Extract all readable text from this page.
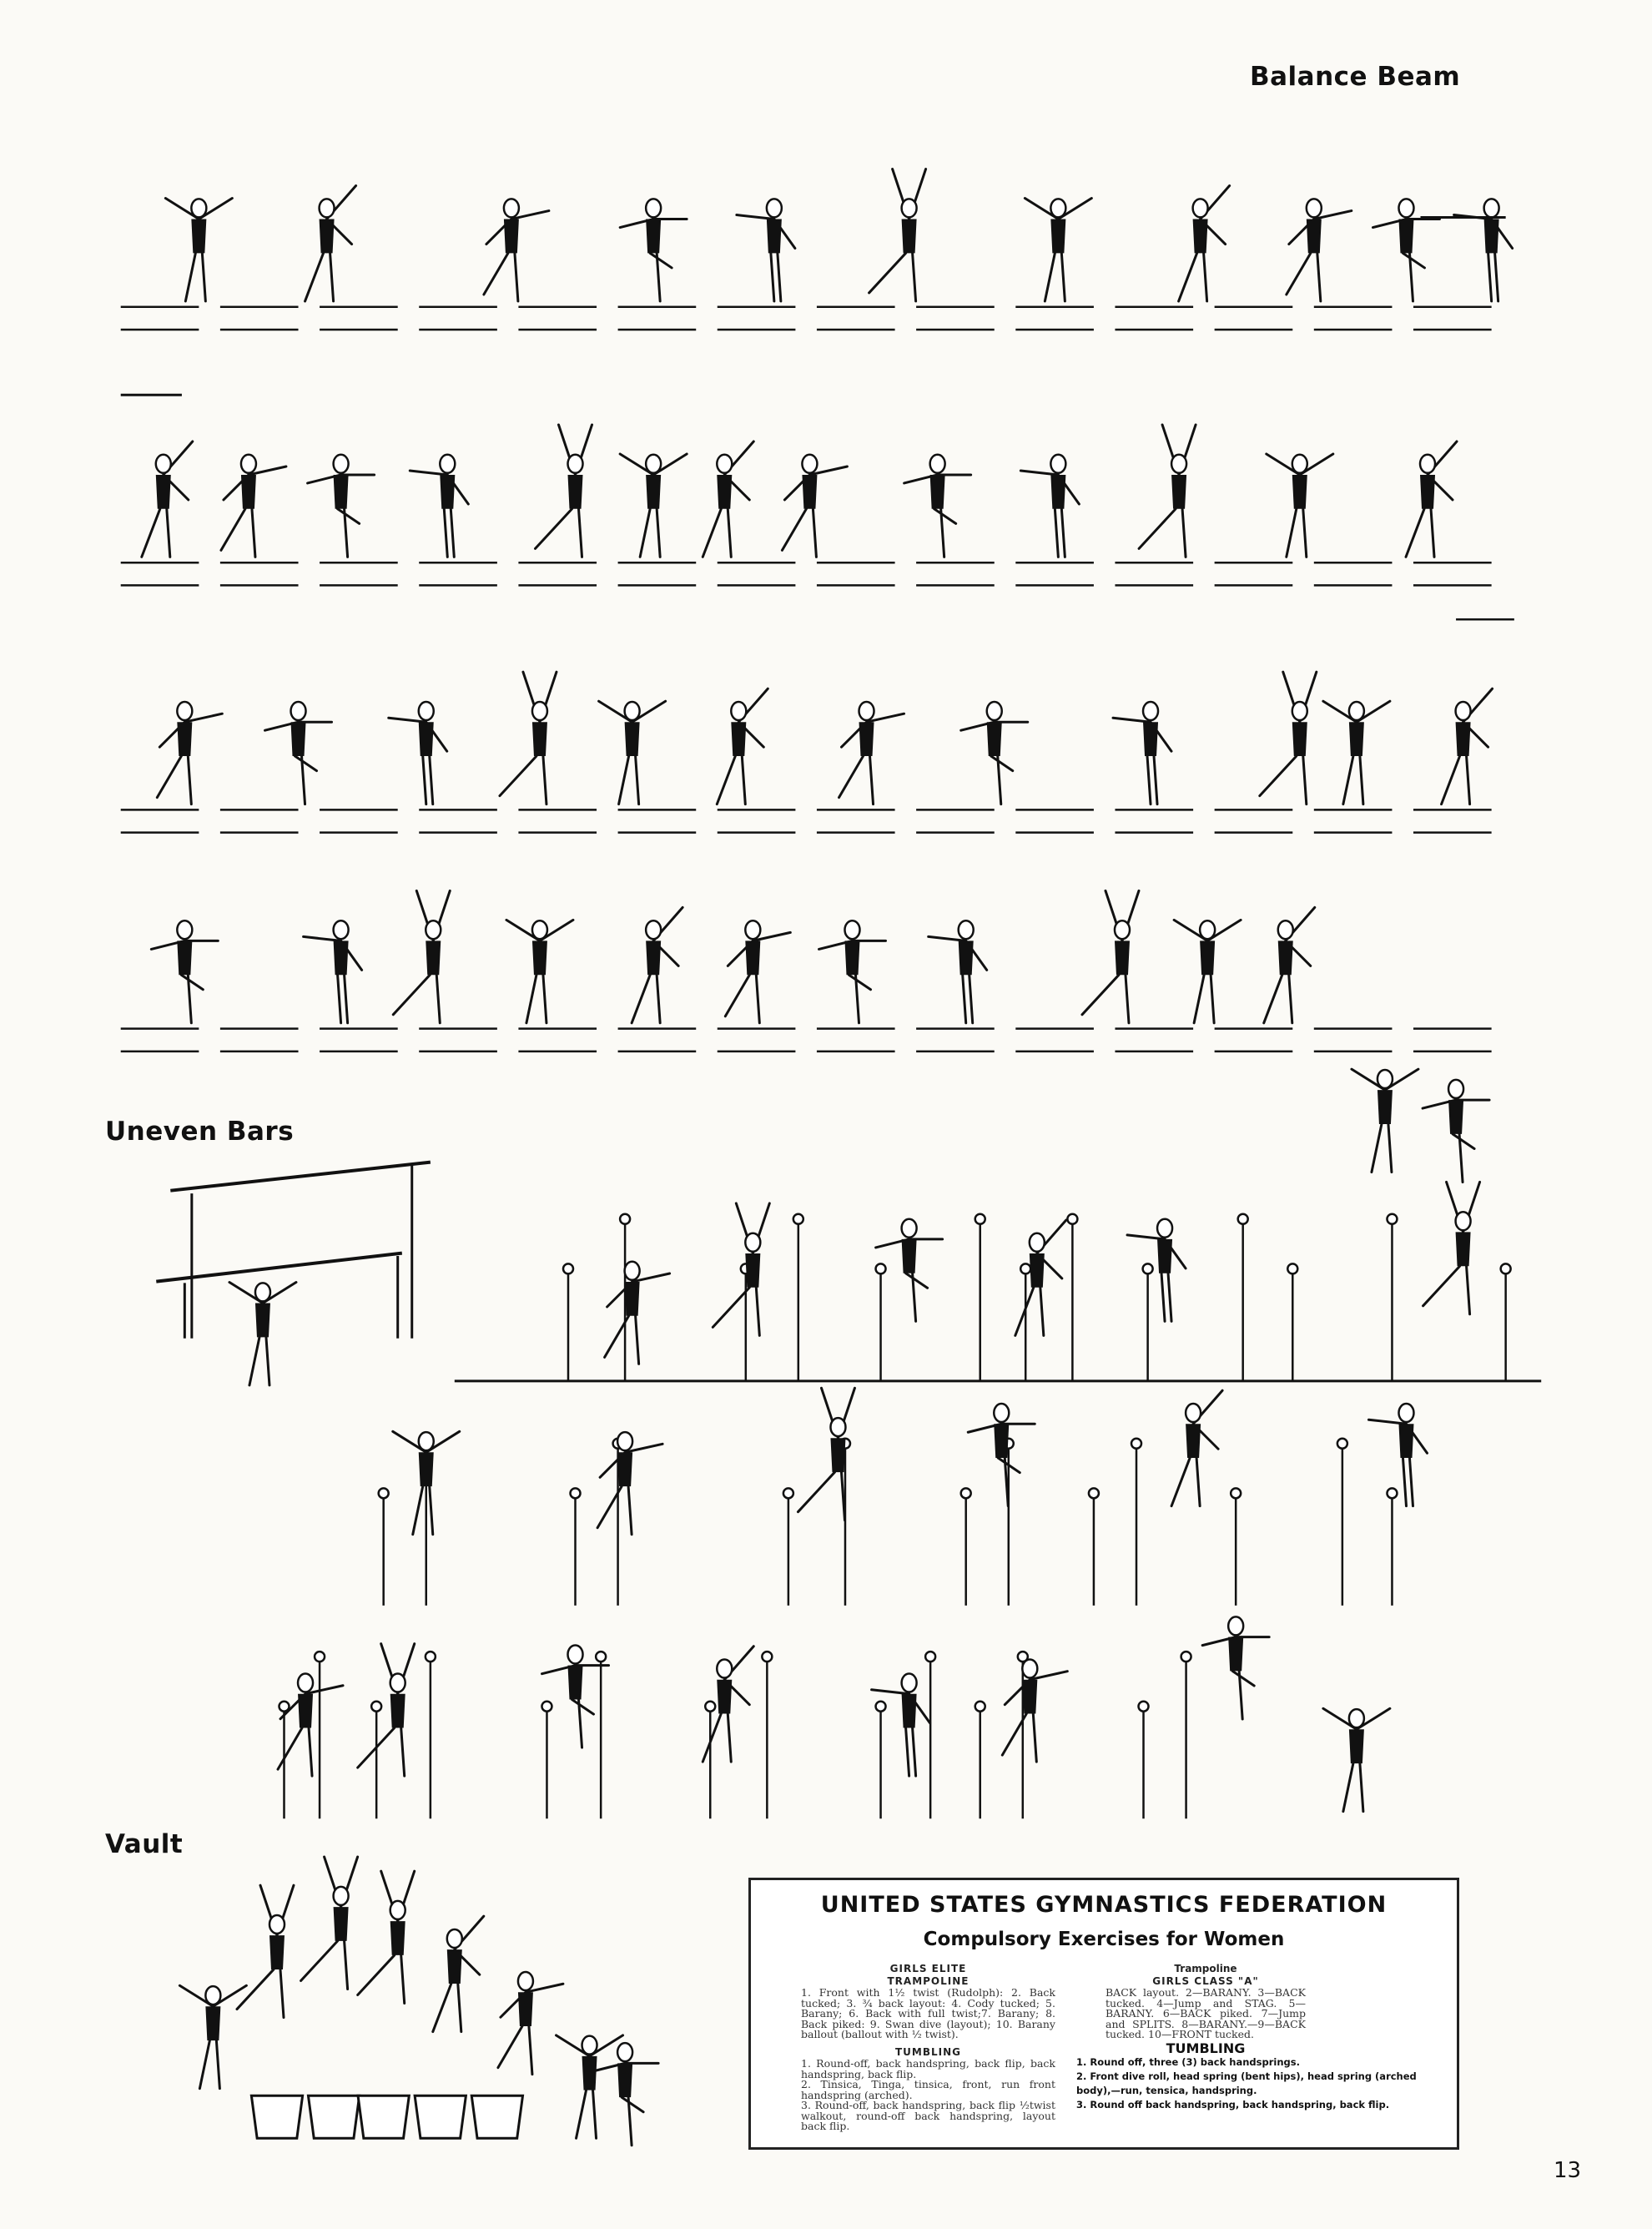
Balance Beam
Uneven Bars
Vault
UNITED STATES GYMNASTICS FEDERATION
Compulsory Exercises for Women
GIRLS ELITE
TRAMPOLINE
1. Front with 1½ twist (Rudolph): 2. Back tucked; 3. ¾ back layout: 4. Cody tucked; 5. Barany; 6. Back with full twist;7. Barany; 8. Back piked: 9. Swan dive (layout); 10. Barany ballout (ballout with ½ twist).
TUMBLING
1. Round-off, back handspring, back flip, back handspring, back flip.
2. Tinsica, Tinga, tinsica, front, run front handspring (arched).
3. Round-off, back handspring, back flip ½twist walkout, round-off back handspring, layout back flip.
Trampoline
GIRLS CLASS "A"
BACK layout. 2—BARANY. 3—BACK tucked. 4—Jump and STAG. 5—BARANY. 6—BACK piked. 7—Jump and SPLITS. 8—BARANY.—9—BACK tucked. 10—FRONT tucked.
TUMBLING
1. Round off, three (3) back handsprings.
2. Front dive roll, head spring (bent hips), head spring (arched body),—run, tensica, handspring.
3. Round off back handspring, back handspring, back flip.
13
